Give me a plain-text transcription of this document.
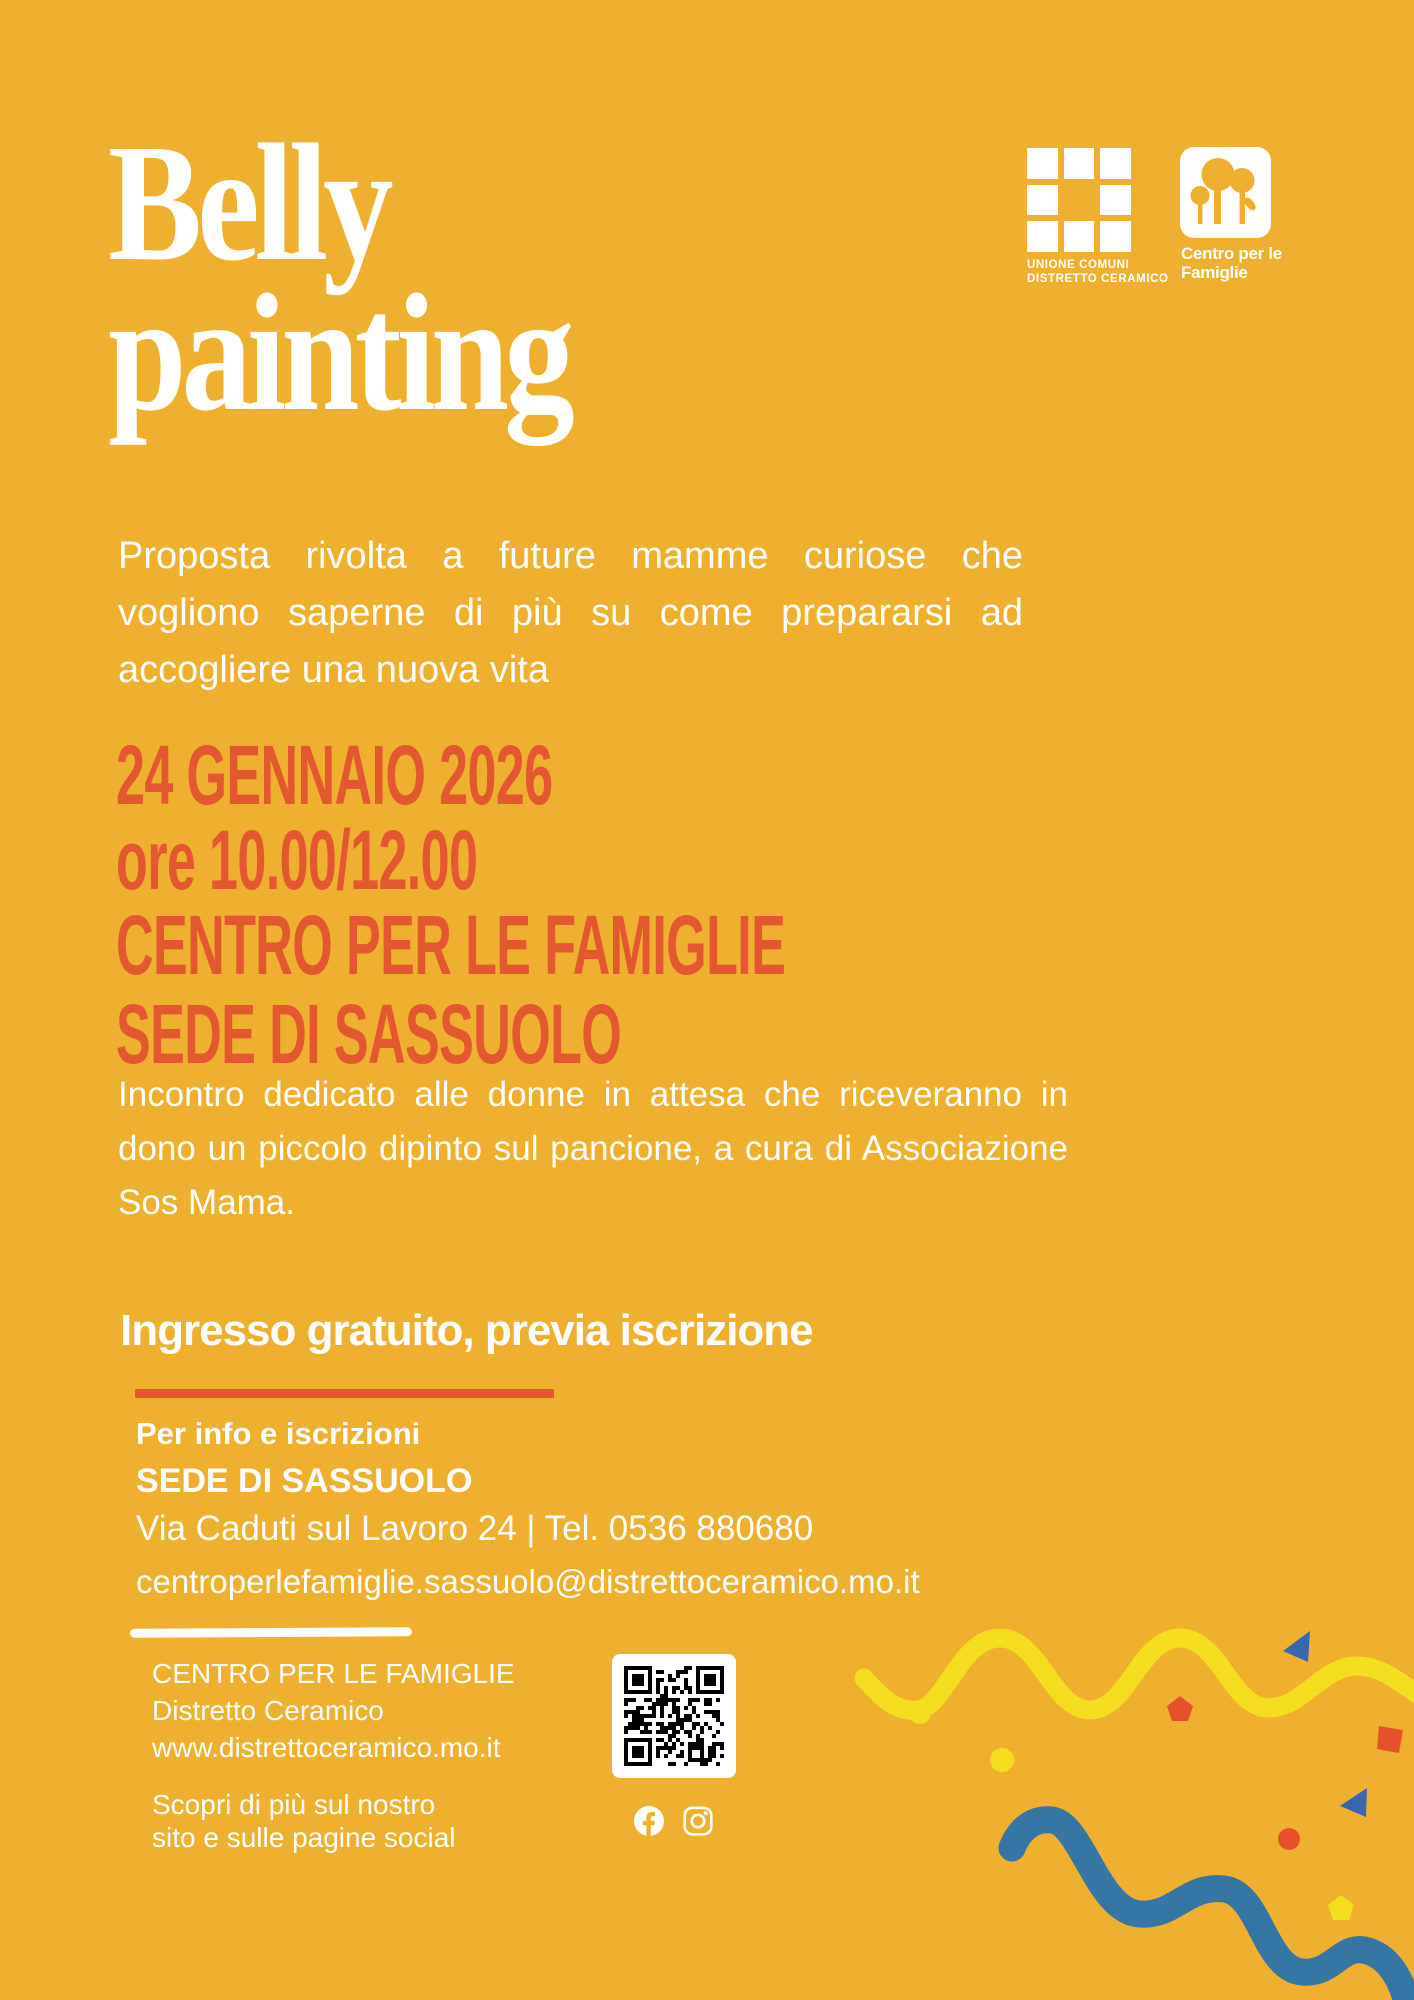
UNIONE COMUNI
DISTRETTO CERAMICO
Centro per le
Famiglie
Belly
painting
Proposta rivolta a future mamme curiose che vogliono saperne di più su come prepararsi ad accogliere una nuova vita
24 GENNAIO 2026
ore 10.00/12.00
CENTRO PER LE FAMIGLIE
SEDE DI SASSUOLO
Incontro dedicato alle donne in attesa che riceveranno in dono un piccolo dipinto sul pancione, a cura di Associazione Sos Mama.
Ingresso gratuito, previa iscrizione
Per info e iscrizioni
SEDE DI SASSUOLO
Via Caduti sul Lavoro 24 | Tel. 0536 880680
centroperlefamiglie.sassuolo@distrettoceramico.mo.it
CENTRO PER LE FAMIGLIE
Distretto Ceramico
www.distrettoceramico.mo.it
Scopri di più sul nostro
sito e sulle pagine social
